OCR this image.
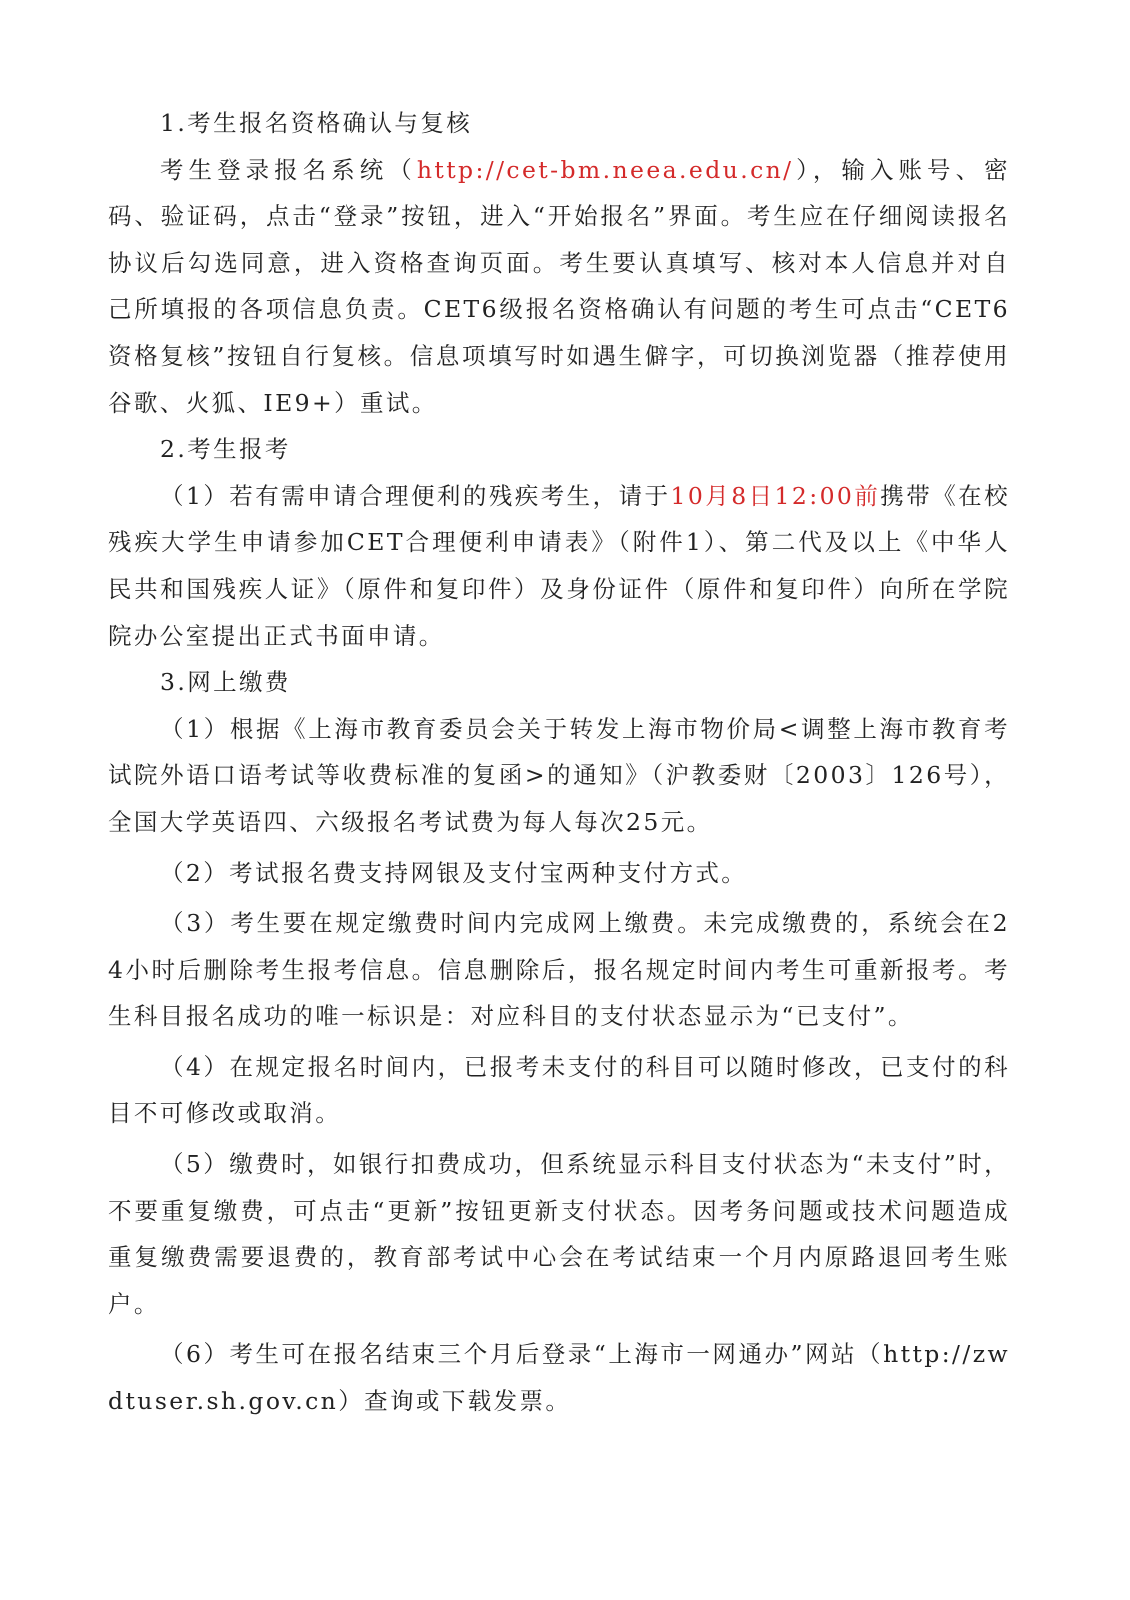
1.考生报名资格确认与复核

考生登录报名系统（http://cet-bm.neea.edu.cn/），输入账号、密码、验证码，点击“登录”按钮，进入“开始报名”界面。考生应在仔细阅读报名协议后勾选同意，进入资格查询页面。考生要认真填写、核对本人信息并对自己所填报的各项信息负责。CET6级报名资格确认有问题的考生可点击“CET6资格复核”按钮自行复核。信息项填写时如遇生僻字，可切换浏览器（推荐使用谷歌、火狐、IE9+）重试。

2.考生报考

（1）若有需申请合理便利的残疾考生，请于10月8日12:00前携带《在校残疾大学生申请参加CET合理便利申请表》（附件1）、第二代及以上《中华人民共和国残疾人证》（原件和复印件）及身份证件（原件和复印件）向所在学院院办公室提出正式书面申请。

3.网上缴费

（1）根据《上海市教育委员会关于转发上海市物价局<调整上海市教育考试院外语口语考试等收费标准的复函>的通知》（沪教委财〔2003〕126号），全国大学英语四、六级报名考试费为每人每次25元。

（2）考试报名费支持网银及支付宝两种支付方式。

（3）考生要在规定缴费时间内完成网上缴费。未完成缴费的，系统会在24小时后删除考生报考信息。信息删除后，报名规定时间内考生可重新报考。考生科目报名成功的唯一标识是：对应科目的支付状态显示为“已支付”。

（4）在规定报名时间内，已报考未支付的科目可以随时修改，已支付的科目不可修改或取消。

（5）缴费时，如银行扣费成功，但系统显示科目支付状态为“未支付”时，不要重复缴费，可点击“更新”按钮更新支付状态。因考务问题或技术问题造成重复缴费需要退费的，教育部考试中心会在考试结束一个月内原路退回考生账户。

（6）考生可在报名结束三个月后登录“上海市一网通办”网站（http://zwdtuser.sh.gov.cn）查询或下载发票。
